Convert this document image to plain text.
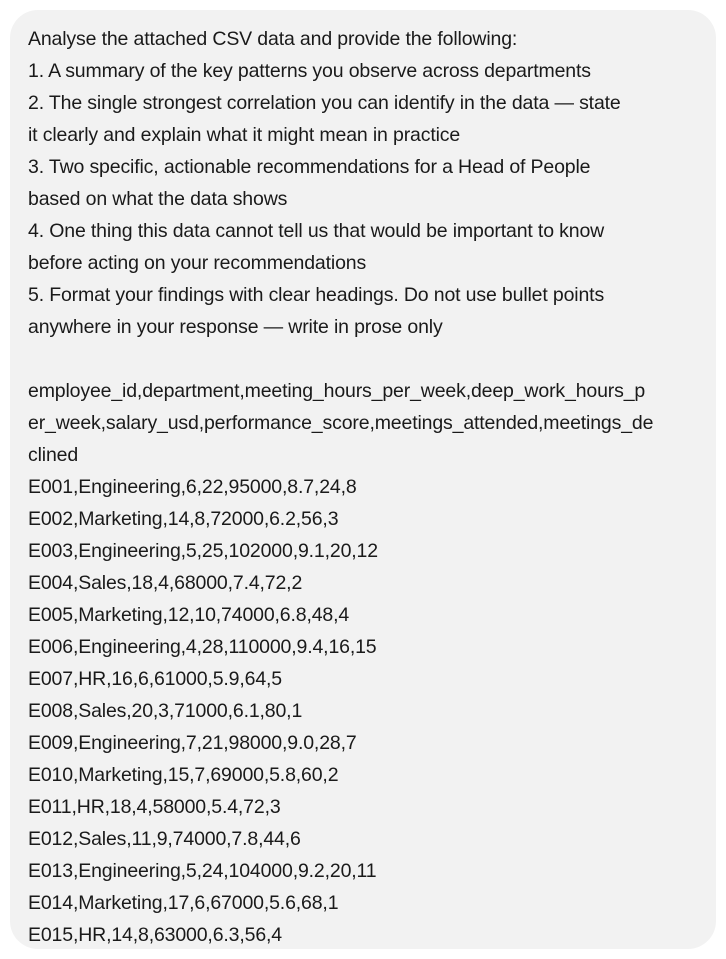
Analyse the attached CSV data and provide the following:
1. A summary of the key patterns you observe across departments
2. The single strongest correlation you can identify in the data — state
it clearly and explain what it might mean in practice
3. Two specific, actionable recommendations for a Head of People
based on what the data shows
4. One thing this data cannot tell us that would be important to know
before acting on your recommendations
5. Format your findings with clear headings. Do not use bullet points
anywhere in your response — write in prose only
employee_id,department,meeting_hours_per_week,deep_work_hours_p
er_week,salary_usd,performance_score,meetings_attended,meetings_de
clined
E001,Engineering,6,22,95000,8.7,24,8
E002,Marketing,14,8,72000,6.2,56,3
E003,Engineering,5,25,102000,9.1,20,12
E004,Sales,18,4,68000,7.4,72,2
E005,Marketing,12,10,74000,6.8,48,4
E006,Engineering,4,28,110000,9.4,16,15
E007,HR,16,6,61000,5.9,64,5
E008,Sales,20,3,71000,6.1,80,1
E009,Engineering,7,21,98000,9.0,28,7
E010,Marketing,15,7,69000,5.8,60,2
E011,HR,18,4,58000,5.4,72,3
E012,Sales,11,9,74000,7.8,44,6
E013,Engineering,5,24,104000,9.2,20,11
E014,Marketing,17,6,67000,5.6,68,1
E015,HR,14,8,63000,6.3,56,4
